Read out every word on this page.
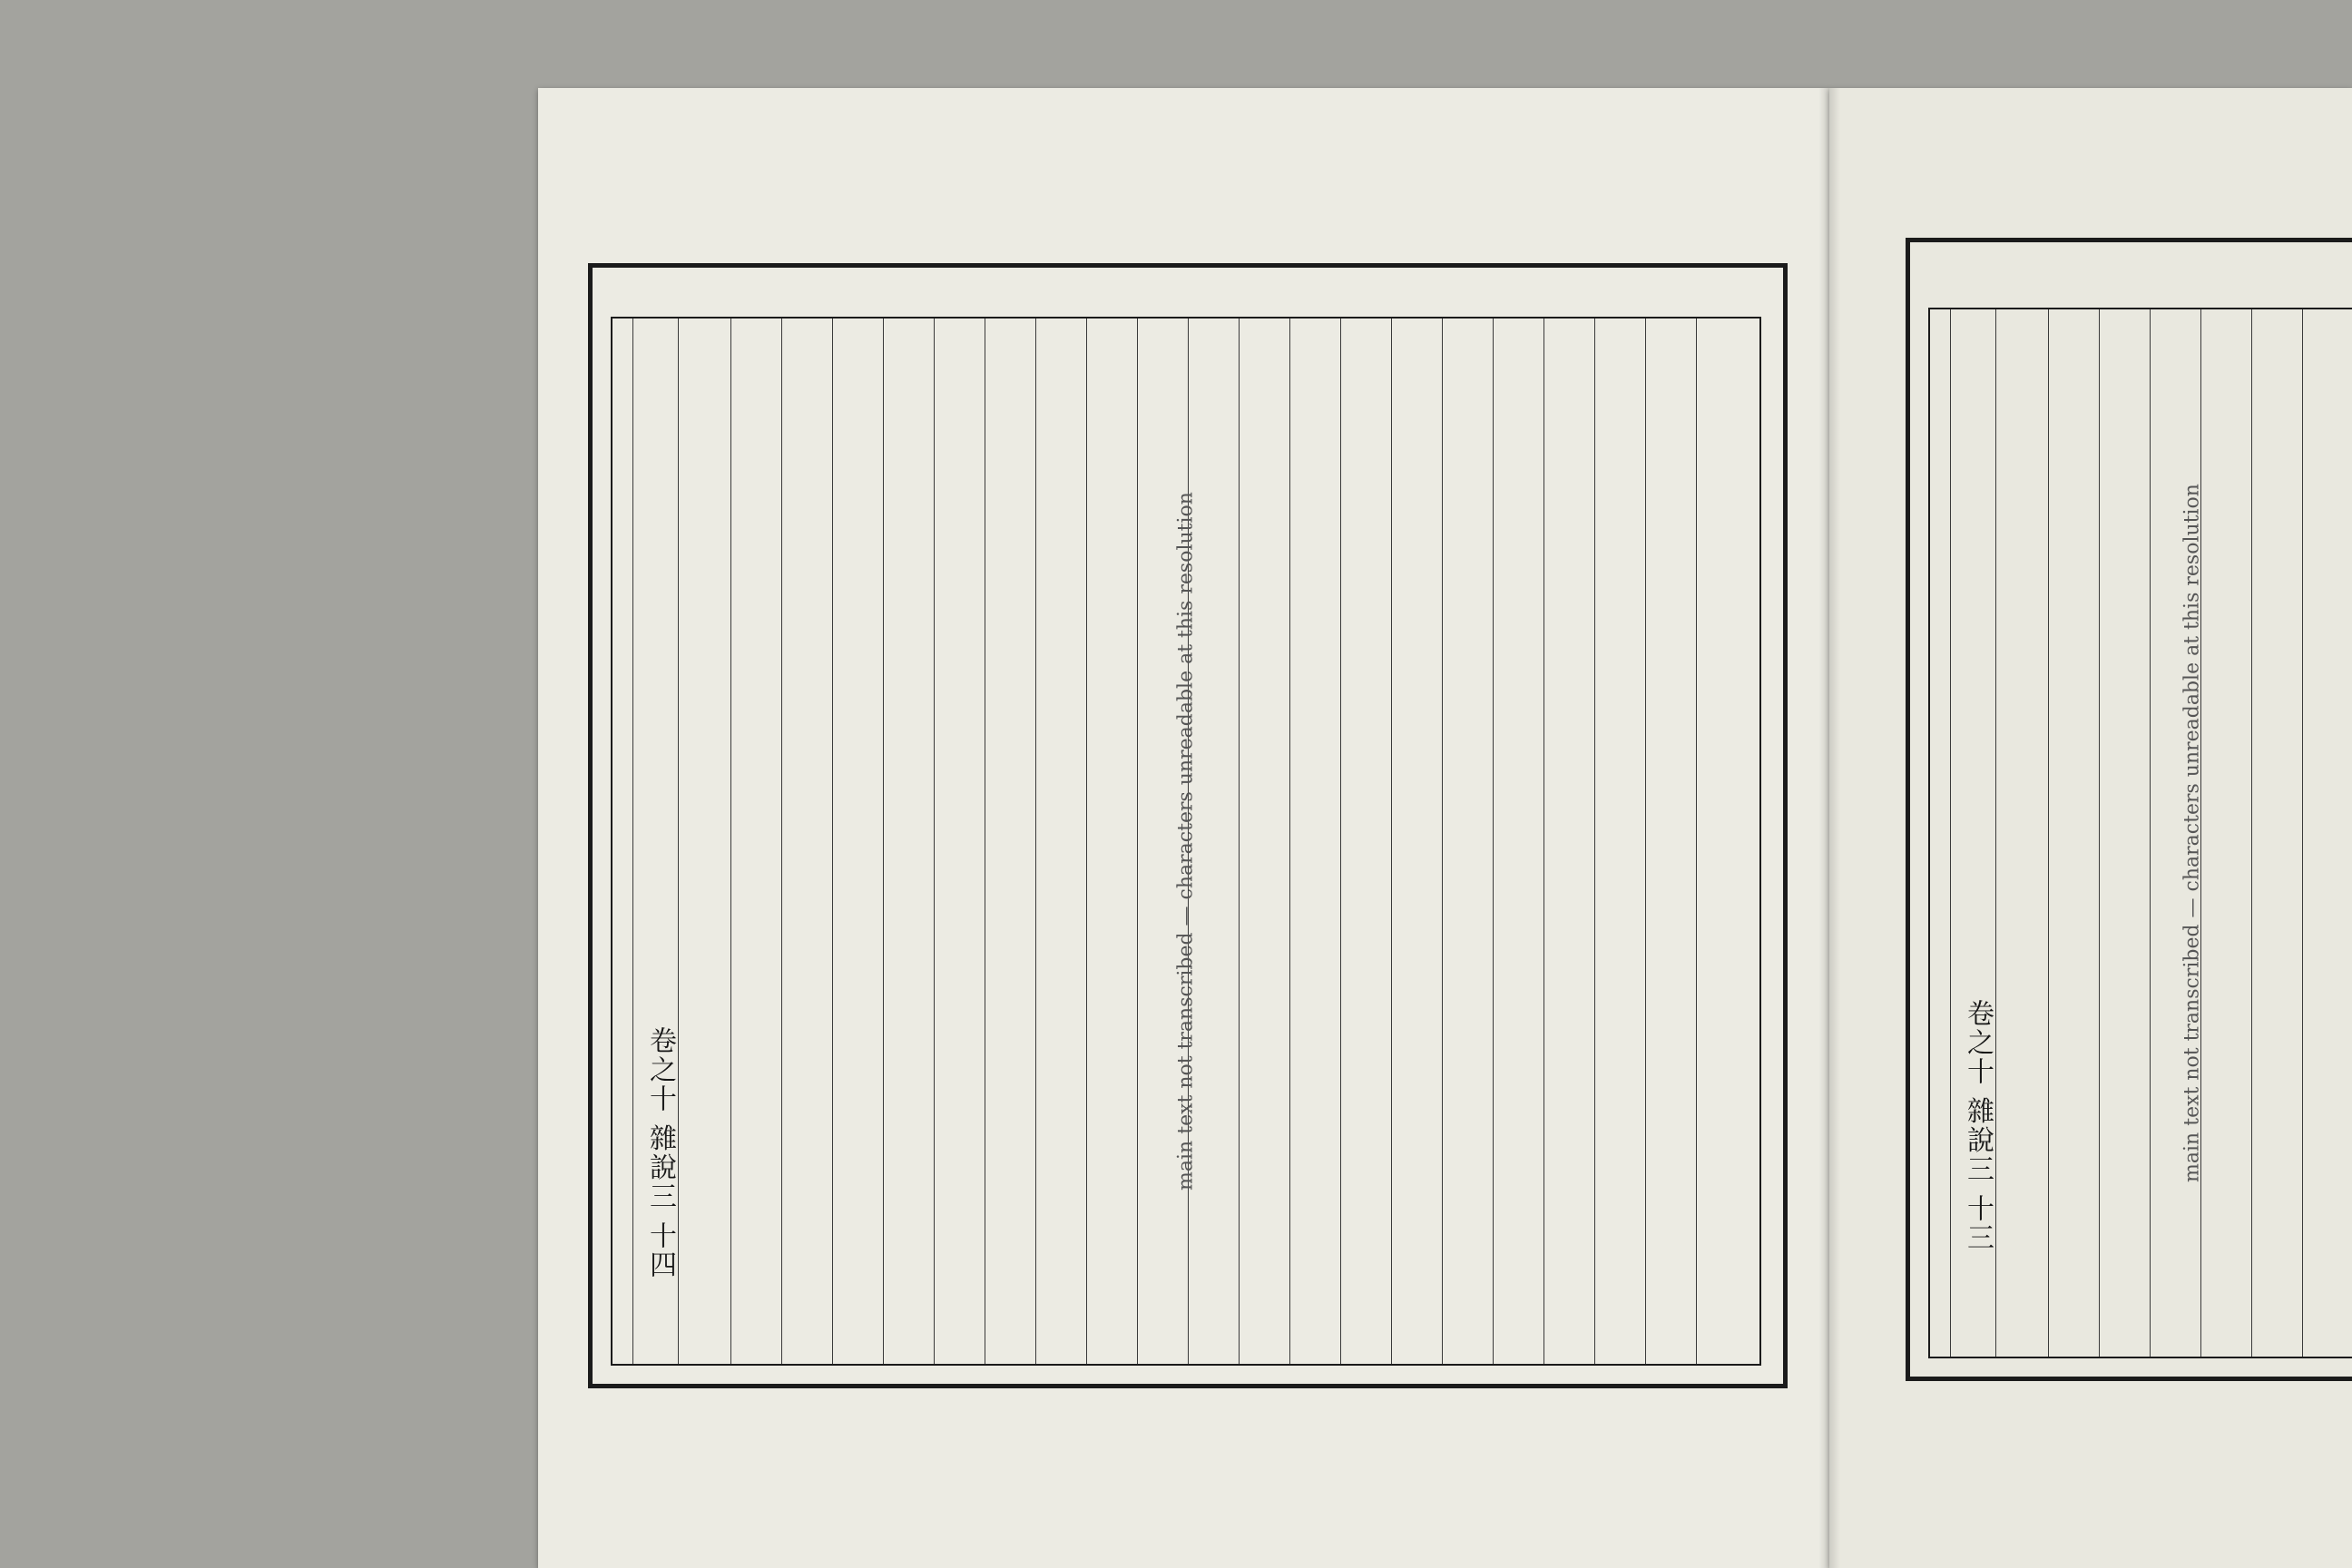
卷之十 雜說三 十四	main text not transcribed — characters unreadable at this resolution	卷之十 雜說三 十三	main text not transcribed — characters unreadable at this resolution
